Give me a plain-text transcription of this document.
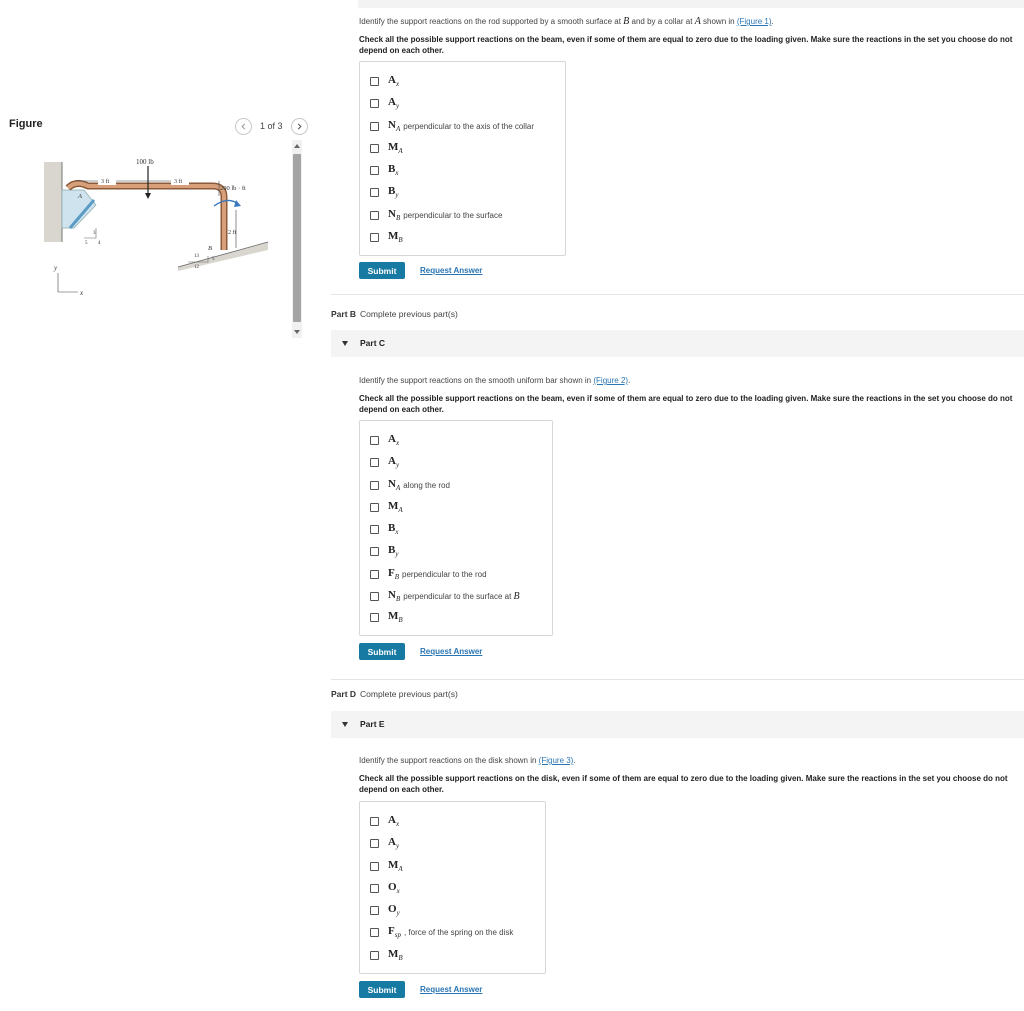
Figure	1 of 3
100 lb
3 ft	3 ft
200 lb · ft
2 ft
A
B
3
4
5
5
12
13
y
x
Identify the support reactions on the rod supported by a smooth surface at B and by a collar at A shown in (Figure 1).
Check all the possible support reactions on the beam, even if some of them are equal to zero due to the loading given. Make sure the reactions in the set you choose do not depend on each other.
$A_x$
$A_y$
$N_A$ perpendicular to the axis of the collar
$M_A$
$B_x$
$B_y$
$N_B$ perpendicular to the surface
$M_B$
Submit	Request Answer
Part B Complete previous part(s)
Part C
Identify the support reactions on the smooth uniform bar shown in (Figure 2).
Check all the possible support reactions on the beam, even if some of them are equal to zero due to the loading given. Make sure the reactions in the set you choose do not depend on each other.
$A_x$
$A_y$
$N_A$ along the rod
$M_A$
$B_x$
$B_y$
$F_B$ perpendicular to the rod
$N_B$ perpendicular to the surface at
B
$M_B$
Submit	Request Answer
Part D Complete previous part(s)
Part E
Identify the support reactions on the disk shown in (Figure 3).
Check all the possible support reactions on the disk, even if some of them are equal to zero due to the loading given. Make sure the reactions in the set you choose do not depend on each other.
$A_x$
$A_y$
$M_A$
$O_x$
$O_y$
$F_{sp}$ , force of the spring on the disk
$M_B$
Submit	Request Answer
